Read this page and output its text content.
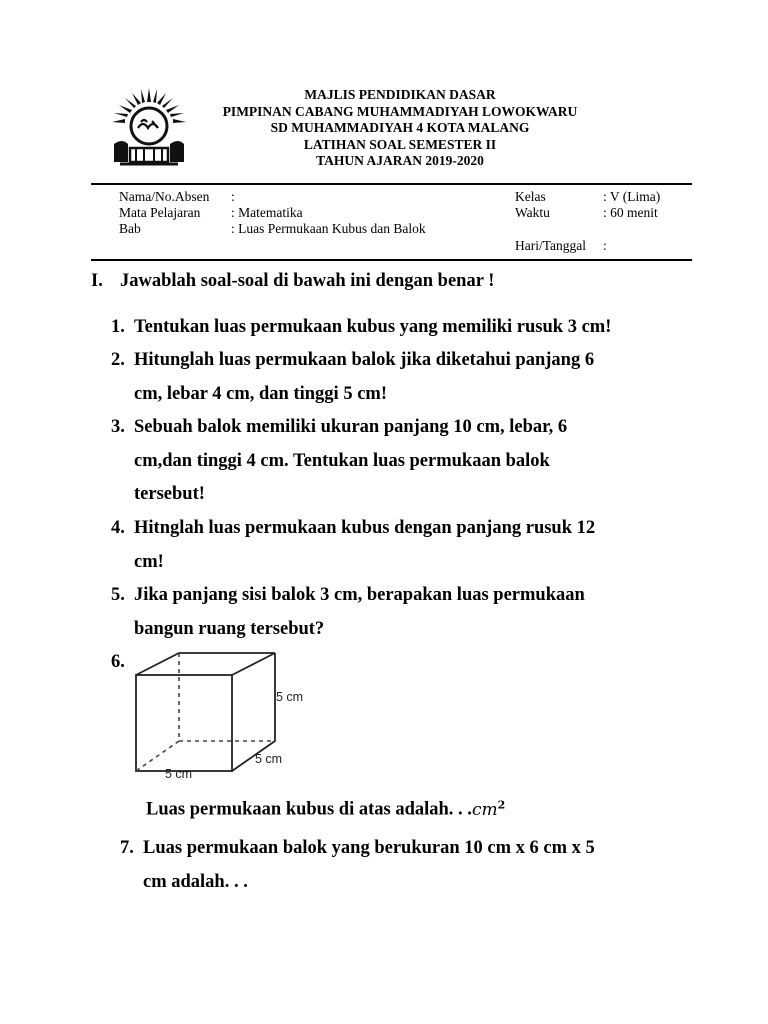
MAJLIS PENDIDIKAN DASAR
PIMPINAN CABANG MUHAMMADIYAH LOWOKWARU
SD MUHAMMADIYAH 4 KOTA MALANG
LATIHAN SOAL SEMESTER II
TAHUN AJARAN 2019-2020
Nama/No.Absen :
Mata Pelajaran : Matematika
Bab	: Luas Permukaan Kubus dan Balok
Kelas	: V (Lima)
Waktu	: 60 menit
Hari/Tanggal :
I. Jawablah soal-soal di bawah ini dengan benar !
1. Tentukan luas permukaan kubus yang memiliki rusuk 3 cm!
2. Hitunglah luas permukaan balok jika diketahui panjang 6
cm, lebar 4 cm, dan tinggi 5 cm!
3. Sebuah balok memiliki ukuran panjang 10 cm, lebar, 6
cm,dan tinggi 4 cm. Tentukan luas permukaan balok
tersebut!
4. Hitnglah luas permukaan kubus dengan panjang rusuk 12
cm!
5. Jika panjang sisi balok 3 cm, berapakan luas permukaan
bangun ruang tersebut?
6.
5 cm
5 cm
5 cm
Luas permukaan kubus di atas adalah. . $.cm^2$
7. Luas permukaan balok yang berukuran 10 cm x 6 cm x 5
cm adalah. . .
